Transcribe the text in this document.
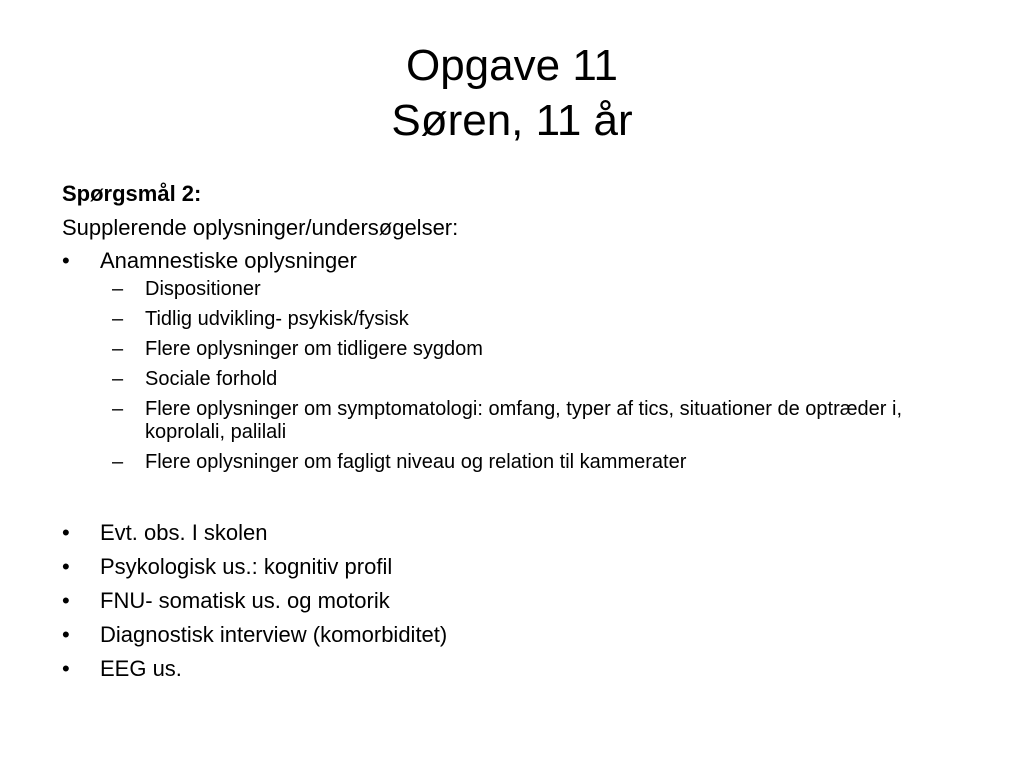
Opgave 11
Søren, 11 år
Spørgsmål 2:
Supplerende oplysninger/undersøgelser:
• Anamnestiske oplysninger
– Dispositioner
– Tidlig udvikling- psykisk/fysisk
– Flere oplysninger om tidligere sygdom
– Sociale forhold
– Flere oplysninger om symptomatologi: omfang, typer af tics, situationer de optræder i, koprolali, palilali
– Flere oplysninger om fagligt niveau og relation til kammerater
• Evt. obs. I skolen
• Psykologisk us.: kognitiv profil
• FNU- somatisk us. og motorik
• Diagnostisk interview (komorbiditet)
• EEG us.
